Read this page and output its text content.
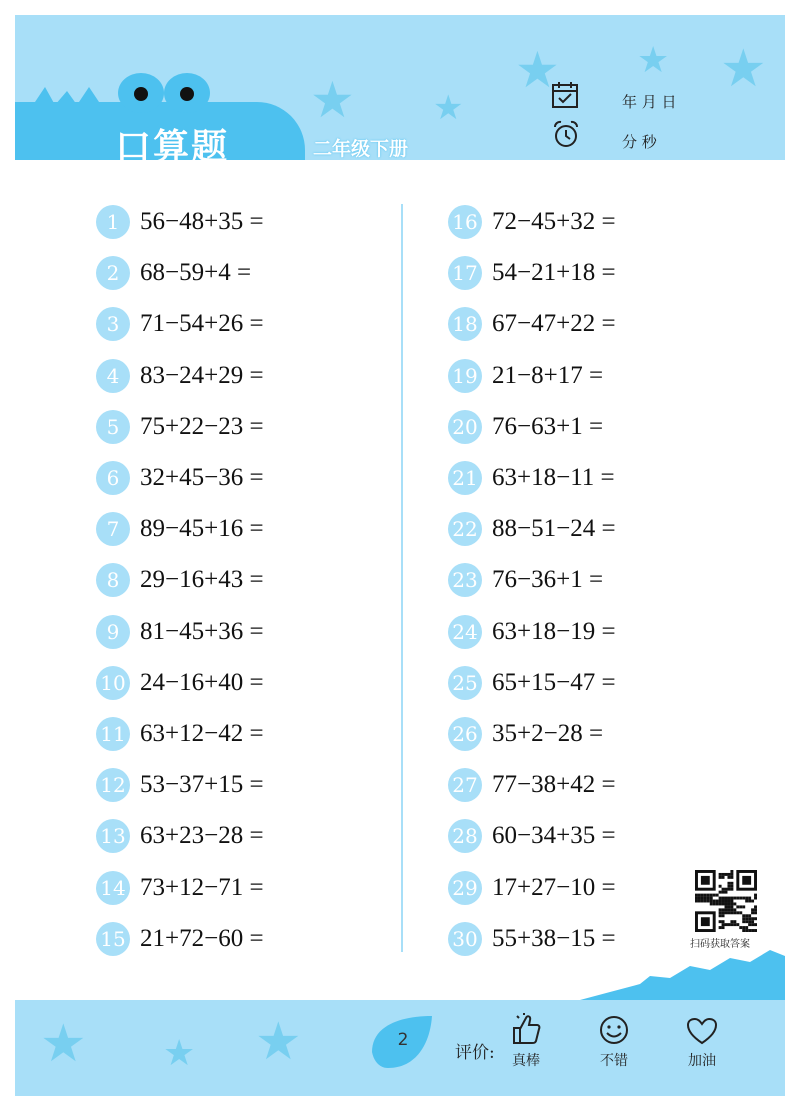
口算题	二年级下册
★ ★
★ ★ ★
年 月 日
分 秒
1 56−48+35 =
2 68−59+4 =
3 71−54+26 =
4 83−24+29 =
5 75+22−23 =
6 32+45−36 =
7 89−45+16 =
8 29−16+43 =
9 81−45+36 =
10 24−16+40 =
11 63+12−42 =
12 53−37+15 =
13 63+23−28 =
14 73+12−71 =
15 21+72−60 =
16 72−45+32 =
17 54−21+18 =
18 67−47+22 =
19 21−8+17 =
20 76−63+1 =
21 63+18−11 =
22 88−51−24 =
23 76−36+1 =
24 63+18−19 =
25 65+15−47 =
26 35+2−28 =
27 77−38+42 =
28 60−34+35 =
29 17+27−10 =
30 55+38−15 =	扫码获取答案
★ ★ ★	2
评价:	真棒	不错	加油
